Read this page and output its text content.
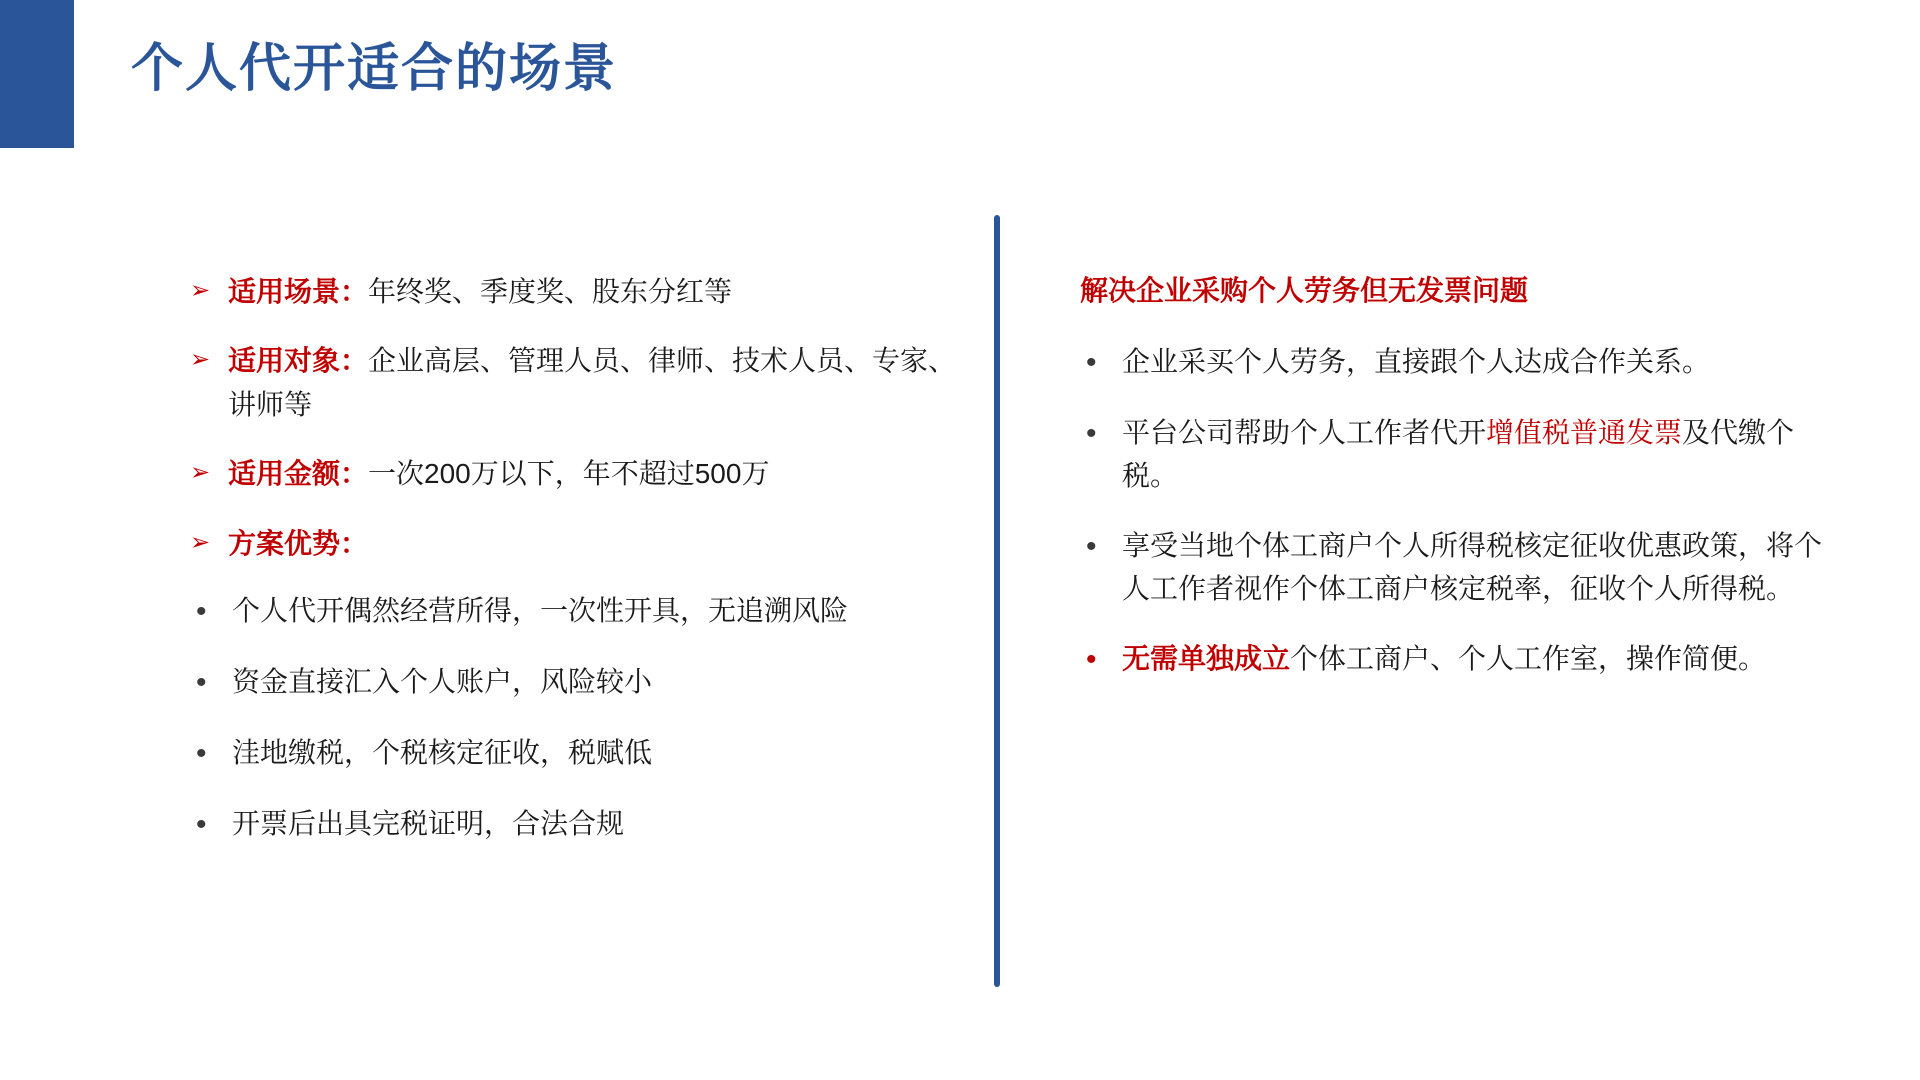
个人代开适合的场景
➢ 适用场景：年终奖、季度奖、股东分红等
➢ 适用对象：企业高层、管理人员、律师、技术人员、专家、讲师等
➢ 适用金额：一次200万以下，年不超过500万
➢ 方案优势：
• 个人代开偶然经营所得，一次性开具，无追溯风险
• 资金直接汇入个人账户，风险较小
• 洼地缴税，个税核定征收，税赋低
• 开票后出具完税证明，合法合规
解决企业采购个人劳务但无发票问题
• 企业采买个人劳务，直接跟个人达成合作关系。
• 平台公司帮助个人工作者代开增值税普通发票及代缴个税。
• 享受当地个体工商户个人所得税核定征收优惠政策，将个人工作者视作个体工商户核定税率，征收个人所得税。
• 无需单独成立个体工商户、个人工作室，操作简便。
